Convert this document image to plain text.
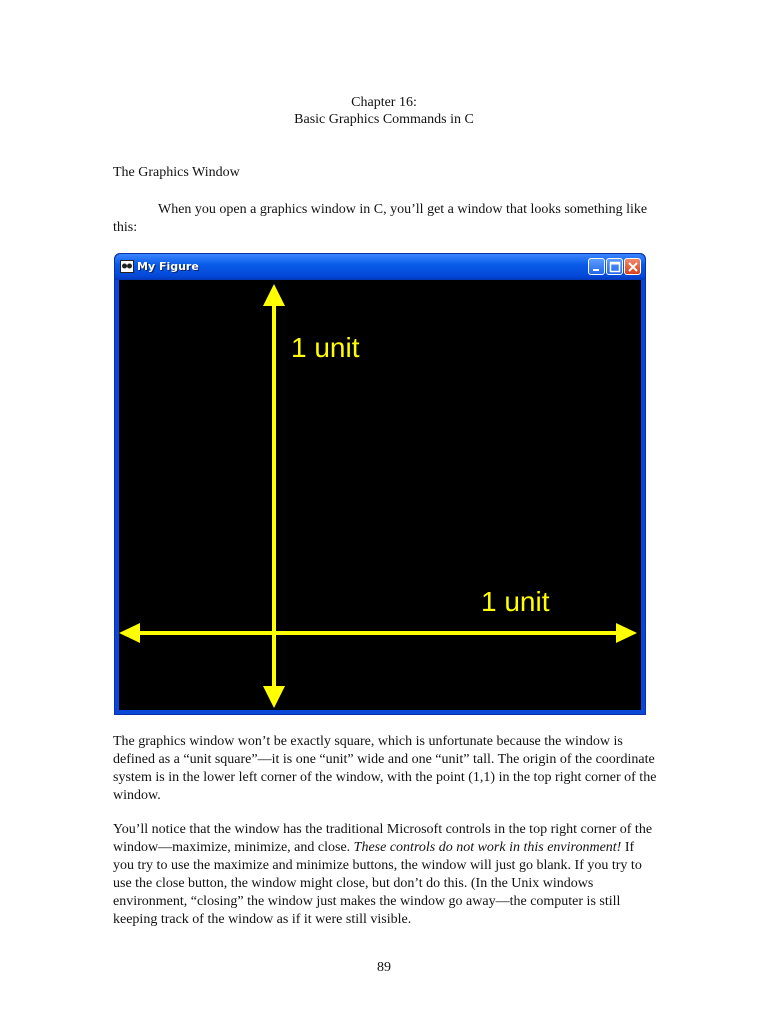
Chapter 16:
Basic Graphics Commands in C
The Graphics Window
When you open a graphics window in C, you’ll get a window that looks something like this:
My Figure
1 unit
1 unit
The graphics window won’t be exactly square, which is unfortunate because the window is defined as a “unit square”—it is one “unit” wide and one “unit” tall. The origin of the coordinate system is in the lower left corner of the window, with the point (1,1) in the top right corner of the window.
You’ll notice that the window has the traditional Microsoft controls in the top right corner of the window—maximize, minimize, and close. These controls do not work in this environment! If you try to use the maximize and minimize buttons, the window will just go blank. If you try to use the close button, the window might close, but don’t do this. (In the Unix windows environment, “closing” the window just makes the window go away—the computer is still keeping track of the window as if it were still visible.
89
